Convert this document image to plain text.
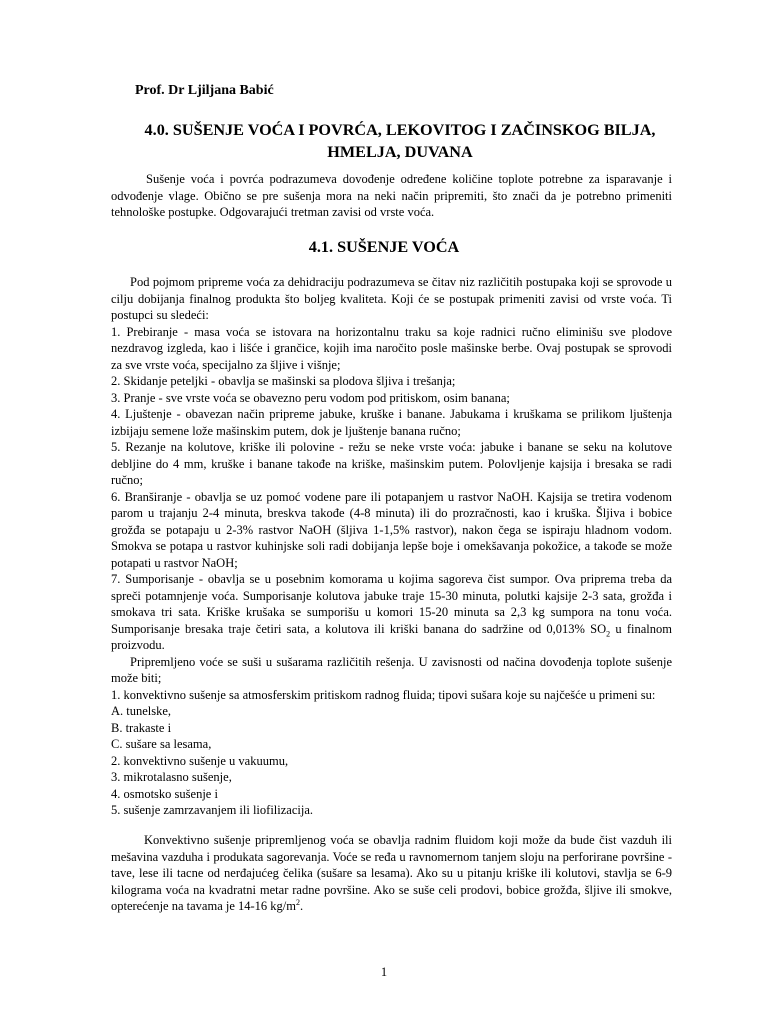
Prof. Dr Ljiljana Babić
4.0. SUŠENJE VOĆA I POVRĆA, LEKOVITOG I ZAČINSKOG BILJA,
HMELJA, DUVANA

Sušenje voća i povrća podrazumeva dovođenje određene količine toplote potrebne za isparavanje i odvođenje vlage. Obično se pre sušenja mora na neki način pripremiti, što znači da je potrebno primeniti tehnološke postupke. Odgovarajući tretman zavisi od vrste voća.

4.1. SUŠENJE VOĆA

Pod pojmom pripreme voća za dehidraciju podrazumeva se čitav niz različitih postupaka koji se sprovode u cilju dobijanja finalnog produkta što boljeg kvaliteta. Koji će se postupak primeniti zavisi od vrste voća. Ti postupci su sledeći:

1. Prebiranje - masa voća se istovara na horizontalnu traku sa koje radnici ručno eliminišu sve plodove nezdravog izgleda, kao i lišće i grančice, kojih ima naročito posle mašinske berbe. Ovaj postupak se sprovodi za sve vrste voća, specijalno za šljive i višnje;

2. Skidanje peteljki - obavlja se mašinski sa plodova šljiva i trešanja;

3. Pranje - sve vrste voća se obavezno peru vodom pod pritiskom, osim banana;

4. Ljuštenje - obavezan način pripreme jabuke, kruške i banane. Jabukama i kruškama se prilikom ljuštenja izbijaju semene lože mašinskim putem, dok je ljuštenje banana ručno;

5. Rezanje na kolutove, kriške ili polovine - režu se neke vrste voća: jabuke i banane se seku na kolutove debljine do 4 mm, kruške i banane takođe na kriške, mašinskim putem. Polovljenje kajsija i bresaka se radi ručno;

6. Branširanje - obavlja se uz pomoć vodene pare ili potapanjem u rastvor NaOH. Kajsija se tretira vodenom parom u trajanju 2-4 minuta, breskva takođe (4-8 minuta) ili do prozračnosti, kao i kruška. Šljiva i bobice grožđa se potapaju u 2-3% rastvor NaOH (šljiva 1-1,5% rastvor), nakon čega se ispiraju hladnom vodom. Smokva se potapa u rastvor kuhinjske soli radi dobijanja lepše boje i omekšavanja pokožice, a takođe se može potapati u rastvor NaOH;

7. Sumporisanje - obavlja se u posebnim komorama u kojima sagoreva čist sumpor. Ova priprema treba da spreči potamnjenje voća. Sumporisanje kolutova jabuke traje 15-30 minuta, polutki kajsije 2-3 sata, grožđa i smokava tri sata. Kriške krušaka se sumporišu u komori 15-20 minuta sa 2,3 kg sumpora na tonu voća. Sumporisanje bresaka traje četiri sata, a kolutova ili kriški banana do sadržine od 0,013% $SO_2$ u finalnom proizvodu.

Pripremljeno voće se suši u sušarama različitih rešenja. U zavisnosti od načina dovođenja toplote sušenje može biti;

1. konvektivno sušenje sa atmosferskim pritiskom radnog fluida; tipovi sušara koje su najčešće u primeni su:

A. tunelske,

B. trakaste i

C. sušare sa lesama,

2. konvektivno sušenje u vakuumu,

3. mikrotalasno sušenje,

4. osmotsko sušenje i

5. sušenje zamrzavanjem ili liofilizacija.

Konvektivno sušenje pripremljenog voća se obavlja radnim fluidom koji može da bude čist vazduh ili mešavina vazduha i produkata sagorevanja. Voće se ređa u ravnomernom tanjem sloju na perforirane površine - tave, lese ili tacne od nerđajućeg čelika (sušare sa lesama). Ako su u pitanju kriške ili kolutovi, stavlja se 6-9 kilograma voća na kvadratni metar radne površine. Ako se suše celi prodovi, bobice grožđa, šljive ili smokve, opterećenje na tavama je 14-16 $kg/m^2$.

1
